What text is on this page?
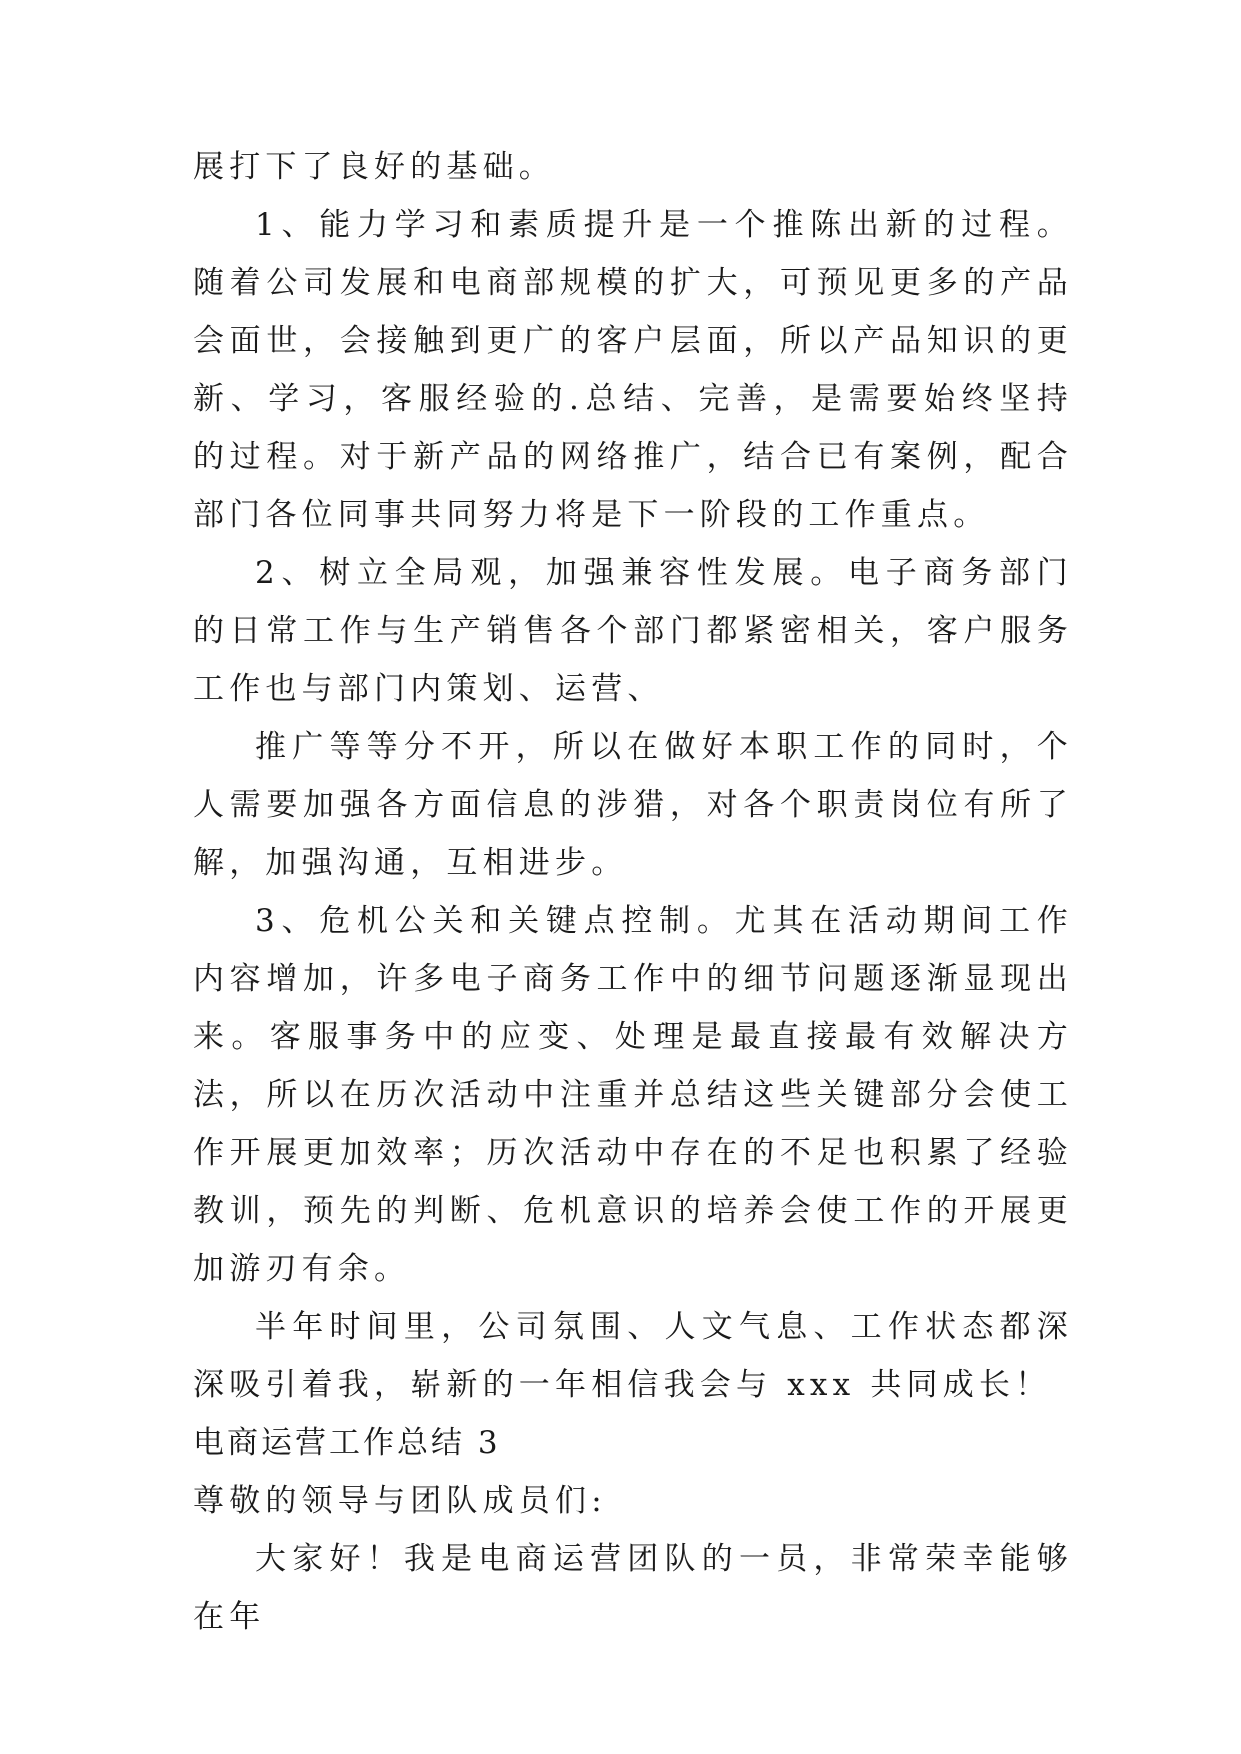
展打下了良好的基础。

1、能力学习和素质提升是一个推陈出新的过程。随着公司发展和电商部规模的扩大，可预见更多的产品会面世，会接触到更广的客户层面，所以产品知识的更新、学习，客服经验的.总结、完善，是需要始终坚持的过程。对于新产品的网络推广，结合已有案例，配合部门各位同事共同努力将是下一阶段的工作重点。

2、树立全局观，加强兼容性发展。电子商务部门的日常工作与生产销售各个部门都紧密相关，客户服务工作也与部门内策划、运营、

推广等等分不开，所以在做好本职工作的同时，个人需要加强各方面信息的涉猎，对各个职责岗位有所了解，加强沟通，互相进步。

3、危机公关和关键点控制。尤其在活动期间工作内容增加，许多电子商务工作中的细节问题逐渐显现出来。客服事务中的应变、处理是最直接最有效解决方法，所以在历次活动中注重并总结这些关键部分会使工作开展更加效率；历次活动中存在的不足也积累了经验教训，预先的判断、危机意识的培养会使工作的开展更加游刃有余。

半年时间里，公司氛围、人文气息、工作状态都深深吸引着我，崭新的一年相信我会与 xxx 共同成长！

电商运营工作总结 3

尊敬的领导与团队成员们:

大家好！我是电商运营团队的一员，非常荣幸能够在年
